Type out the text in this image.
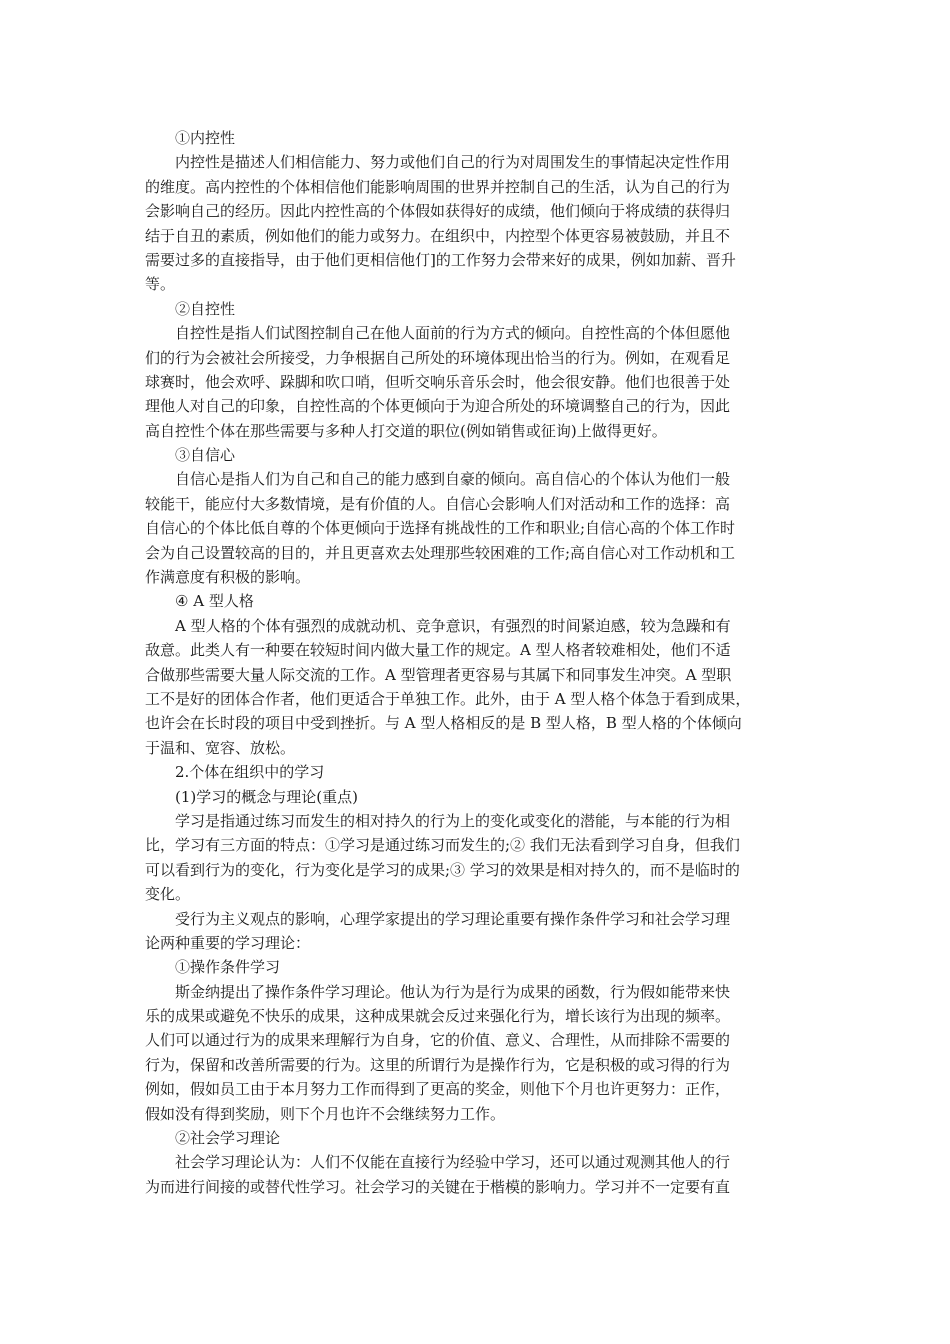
①内控性
内控性是描述人们相信能力、努力或他们自己的行为对周围发生的事情起决定性作用
的维度。高内控性的个体相信他们能影响周围的世界并控制自己的生活，认为自己的行为
会影响自己的经历。因此内控性高的个体假如获得好的成绩，他们倾向于将成绩的获得归
结于自丑的素质，例如他们的能力或努力。在组织中，内控型个体更容易被鼓励，并且不
需要过多的直接指导，由于他们更相信他仃]的工作努力会带来好的成果，例如加薪、晋升
等。
②自控性
自控性是指人们试图控制自己在他人面前的行为方式的倾向。自控性高的个体但愿他
们的行为会被社会所接受，力争根据自己所处的环境体现出恰当的行为。例如，在观看足
球赛时，他会欢呼、跺脚和吹口哨，但听交响乐音乐会时，他会很安静。他们也很善于处
理他人对自己的印象，自控性高的个体更倾向于为迎合所处的环境调整自己的行为，因此
高自控性个体在那些需要与多种人打交道的职位(例如销售或征询)上做得更好。
③自信心
自信心是指人们为自己和自己的能力感到自豪的倾向。高自信心的个体认为他们一般
较能干，能应付大多数情境，是有价值的人。自信心会影响人们对活动和工作的选择：高
自信心的个体比低自尊的个体更倾向于选择有挑战性的工作和职业;自信心高的个体工作时
会为自己设置较高的目的，并且更喜欢去处理那些较困难的工作;高自信心对工作动机和工
作满意度有积极的影响。
④ A 型人格
A 型人格的个体有强烈的成就动机、竞争意识，有强烈的时间紧迫感，较为急躁和有
敌意。此类人有一种要在较短时间内做大量工作的规定。A 型人格者较难相处，他们不适
合做那些需要大量人际交流的工作。A 型管理者更容易与其属下和同事发生冲突。A 型职
工不是好的团体合作者，他们更适合于单独工作。此外，由于 A 型人格个体急于看到成果，
也许会在长时段的项目中受到挫折。与 A 型人格相反的是 B 型人格，B 型人格的个体倾向
于温和、宽容、放松。
2.个体在组织中的学习
(1)学习的概念与理论(重点)
学习是指通过练习而发生的相对持久的行为上的变化或变化的潜能，与本能的行为相
比，学习有三方面的特点：①学习是通过练习而发生的;② 我们无法看到学习自身，但我们
可以看到行为的变化，行为变化是学习的成果;③ 学习的效果是相对持久的，而不是临时的
变化。
受行为主义观点的影响，心理学家提出的学习理论重要有操作条件学习和社会学习理
论两种重要的学习理论：
①操作条件学习
斯金纳提出了操作条件学习理论。他认为行为是行为成果的函数，行为假如能带来快
乐的成果或避免不快乐的成果，这种成果就会反过来强化行为，增长该行为出现的频率。
人们可以通过行为的成果来理解行为自身，它的价值、意义、合理性，从而排除不需要的
行为，保留和改善所需要的行为。这里的所谓行为是操作行为，它是积极的或习得的行为
例如，假如员工由于本月努力工作而得到了更高的奖金，则他下个月也许更努力：正作，
假如没有得到奖励，则下个月也许不会继续努力工作。
②社会学习理论
社会学习理论认为：人们不仅能在直接行为经验中学习，还可以通过观测其他人的行
为而进行间接的或替代性学习。社会学习的关键在于楷模的影响力。学习并不一定要有直
